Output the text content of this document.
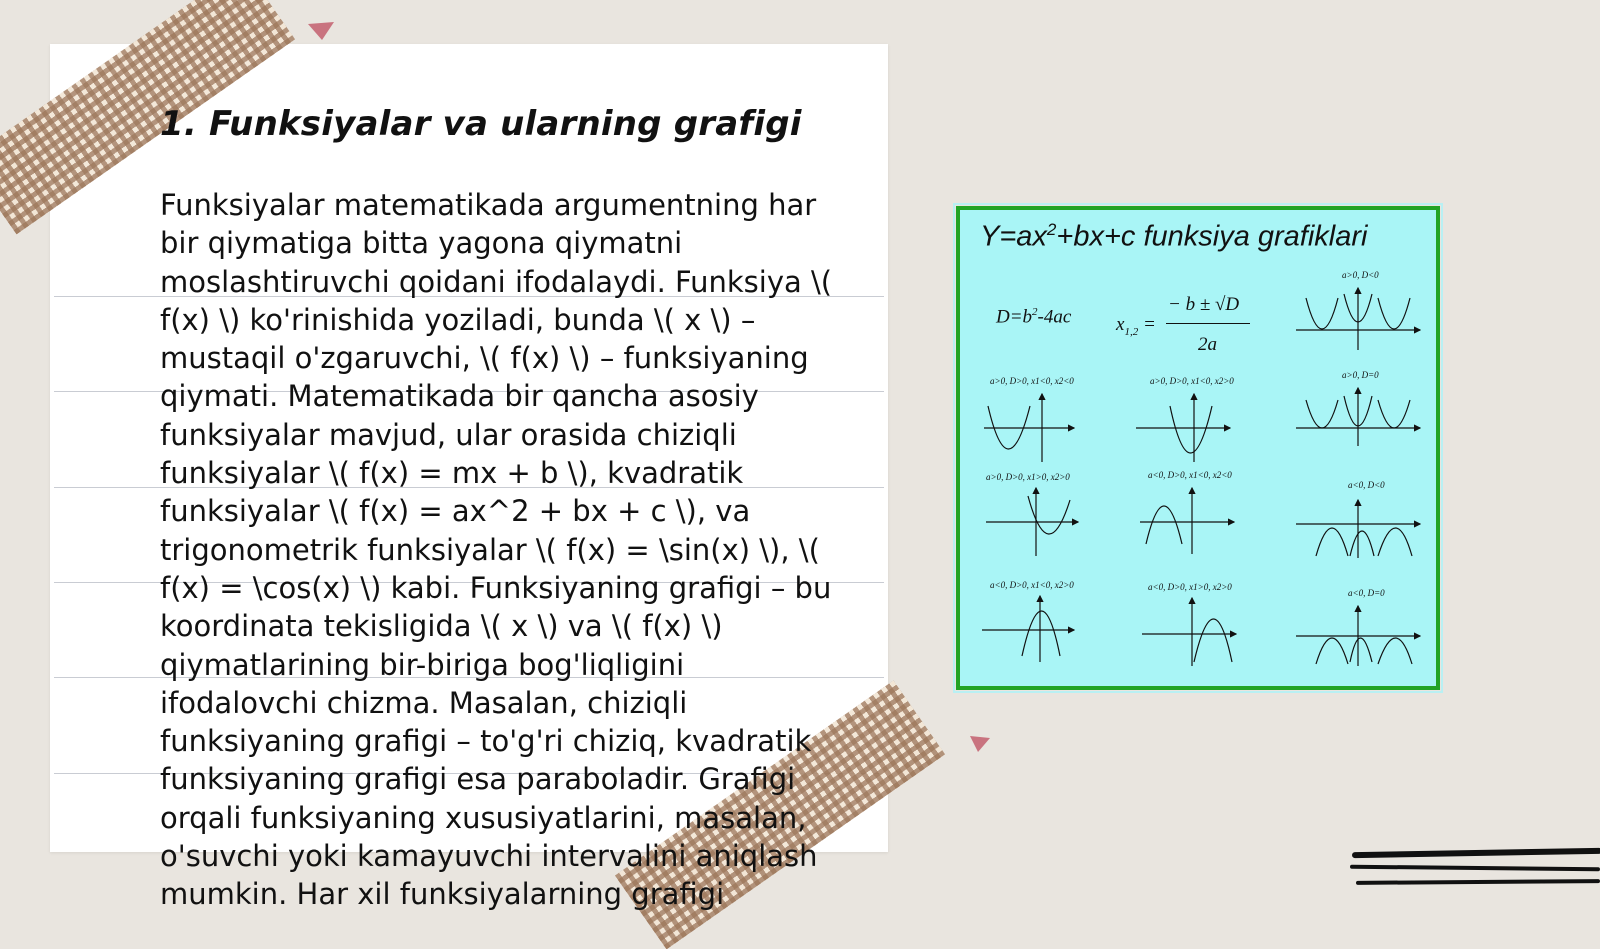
1. Funksiyalar va ularning grafigi

Funksiyalar matematikada argumentning har bir qiymatiga bitta yagona qiymatni moslashtiruvchi qoidani ifodalaydi. Funksiya \( f(x) \) ko'rinishida yoziladi, bunda \( x \) – mustaqil o'zgaruvchi, \( f(x) \) – funksiyaning qiymati. Matematikada bir qancha asosiy funksiyalar mavjud, ular orasida chiziqli funksiyalar \( f(x) = mx + b \), kvadratik funksiyalar \( f(x) = ax^2 + bx + c \), va trigonometrik funksiyalar \( f(x) = \sin(x) \), \( f(x) = \cos(x) \) kabi. Funksiyaning grafigi – bu koordinata tekisligida \( x \) va \( f(x) \) qiymatlarining bir-biriga bog'liqligini ifodalovchi chizma. Masalan, chiziqli funksiyaning grafigi – to'g'ri chiziq, kvadratik funksiyaning grafigi esa paraboladir. Grafigi orqali funksiyaning xususiyatlarini, masalan, o'suvchi yoki kamayuvchi intervalini aniqlash mumkin. Har xil funksiyalarning grafigi

$Y=ax^2+bx+c$ funksiya grafiklari

$D=b^2-4ac$ $x_{1,2}$ =
− b ± √D
2a
a>0, D<0
a>0, D>0, x1<0, x2<0	a>0, D>0, x1<0, x2>0
a>0, D=0
a>0, D>0, x1>0, x2>0	a<0, D>0, x1<0, x2<0
a<0, D<0
a<0, D>0, x1<0, x2>0	a<0, D>0, x1>0, x2>0
a<0, D=0
